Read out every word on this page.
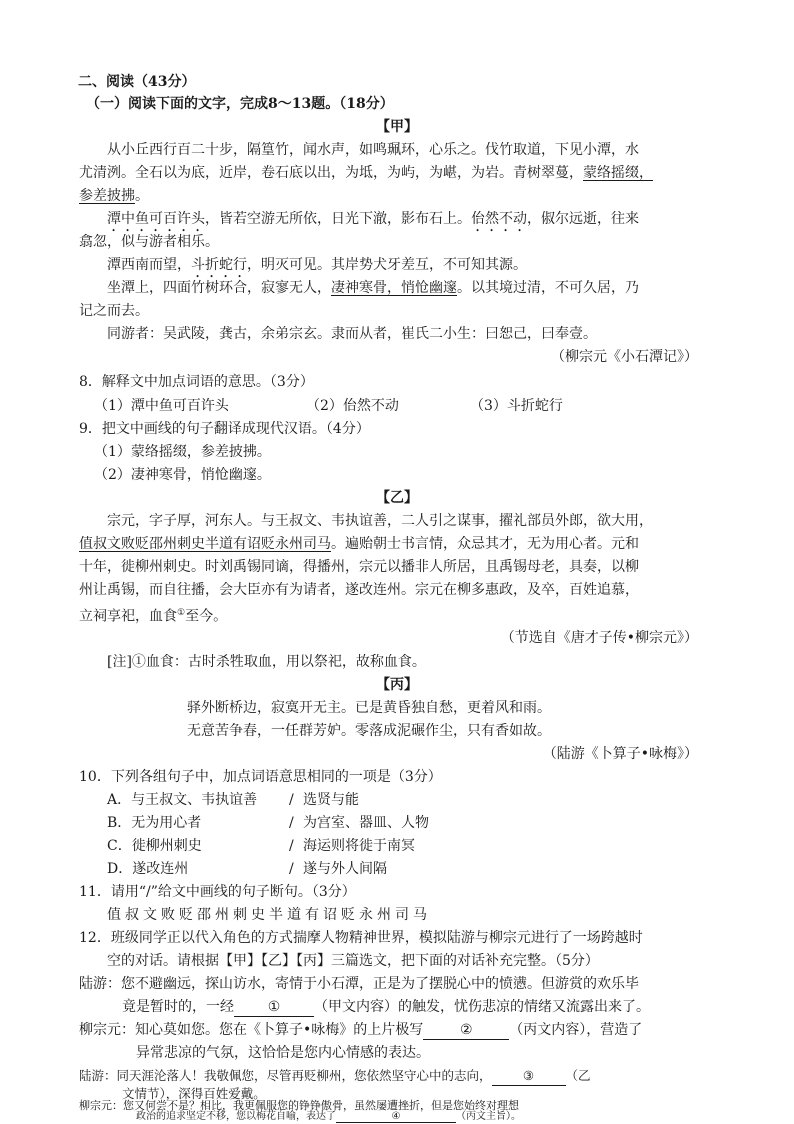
二、阅读（43分）
（一）阅读下面的文字，完成8～13题。（18分）
【甲】
从小丘西行百二十步，隔篁竹，闻水声，如鸣珮环，心乐之。伐竹取道，下见小潭，水
尤清洌。全石以为底，近岸，卷石底以出，为坻，为屿，为嵁，为岩。青树翠蔓，蒙络摇缀，
参差披拂。
潭中鱼可百许头，皆若空游无所依，日光下澈，影布石上。佁然不动，俶尔远逝，往来
翕忽，似与游者相乐。
潭西南而望，斗折蛇行，明灭可见。其岸势犬牙差互，不可知其源。
坐潭上，四面竹树环合，寂寥无人，凄神寒骨，悄怆幽邃。以其境过清，不可久居，乃
记之而去。
同游者：吴武陵，龚古，余弟宗玄。隶而从者，崔氏二小生：曰恕己，曰奉壹。
（柳宗元《小石潭记》）
8．解释文中加点词语的意思。（3分）
（1）潭中鱼可百许头	（2）佁然不动	（3）斗折蛇行
9．把文中画线的句子翻译成现代汉语。（4分）
（1）蒙络摇缀，参差披拂。
（2）凄神寒骨，悄怆幽邃。
【乙】
宗元，字子厚，河东人。与王叔文、韦执谊善，二人引之谋事，擢礼部员外郎，欲大用，
值叔文败贬邵州刺史半道有诏贬永州司马。遍贻朝士书言情，众忌其才，无为用心者。元和
十年，徙柳州刺史。时刘禹锡同谪，得播州，宗元以播非人所居，且禹锡母老，具奏，以柳
州让禹锡，而自往播，会大臣亦有为请者，遂改连州。宗元在柳多惠政，及卒，百姓追慕，
立祠享祀，血食①至今。
（节选自《唐才子传•柳宗元》）
[注]①血食：古时杀牲取血，用以祭祀，故称血食。
【丙】
驿外断桥边，寂寞开无主。已是黄昏独自愁，更着风和雨。
无意苦争春，一任群芳妒。零落成泥碾作尘，只有香如故。
（陆游《卜算子•咏梅》）
10．下列各组句子中，加点词语意思相同的一项是（3分）
A．与王叔文、韦执谊善 / 选贤与能
B．无为用心者	/ 为宫室、器皿、人物
C．徙柳州刺史	/ 海运则将徙于南冥
D．遂改连州	/ 遂与外人间隔
11．请用“/”给文中画线的句子断句。（3分）
值叔文败贬邵州刺史半道有诏贬永州司马
12．班级同学正以代入角色的方式揣摩人物精神世界，模拟陆游与柳宗元进行了一场跨越时
空的对话。请根据【甲】【乙】【丙】三篇选文，把下面的对话补充完整。（5分）
陆游：您不避幽远，探山访水，寄情于小石潭，正是为了摆脱心中的愤懑。但游赏的欢乐毕
竟是暂时的，一经 ① （甲文内容）的触发，忧伤悲凉的情绪又流露出来了。
柳宗元：知心莫如您。您在《卜算子•咏梅》的上片极写	②	（丙文内容），营造了
异常悲凉的气氛，这恰恰是您内心情感的表达。
陆游：同天涯沦落人！我敬佩您，尽管再贬柳州，您依然坚守心中的志向，	③	（乙
文情节），深得百姓爱戴。
柳宗元：您又何尝不是？相比，我更佩服您的铮铮傲骨，虽然屡遭挫折，但是您始终对理想
政治的追求坚定不移，您以梅花自喻，表达了	④	（丙文主旨）。
